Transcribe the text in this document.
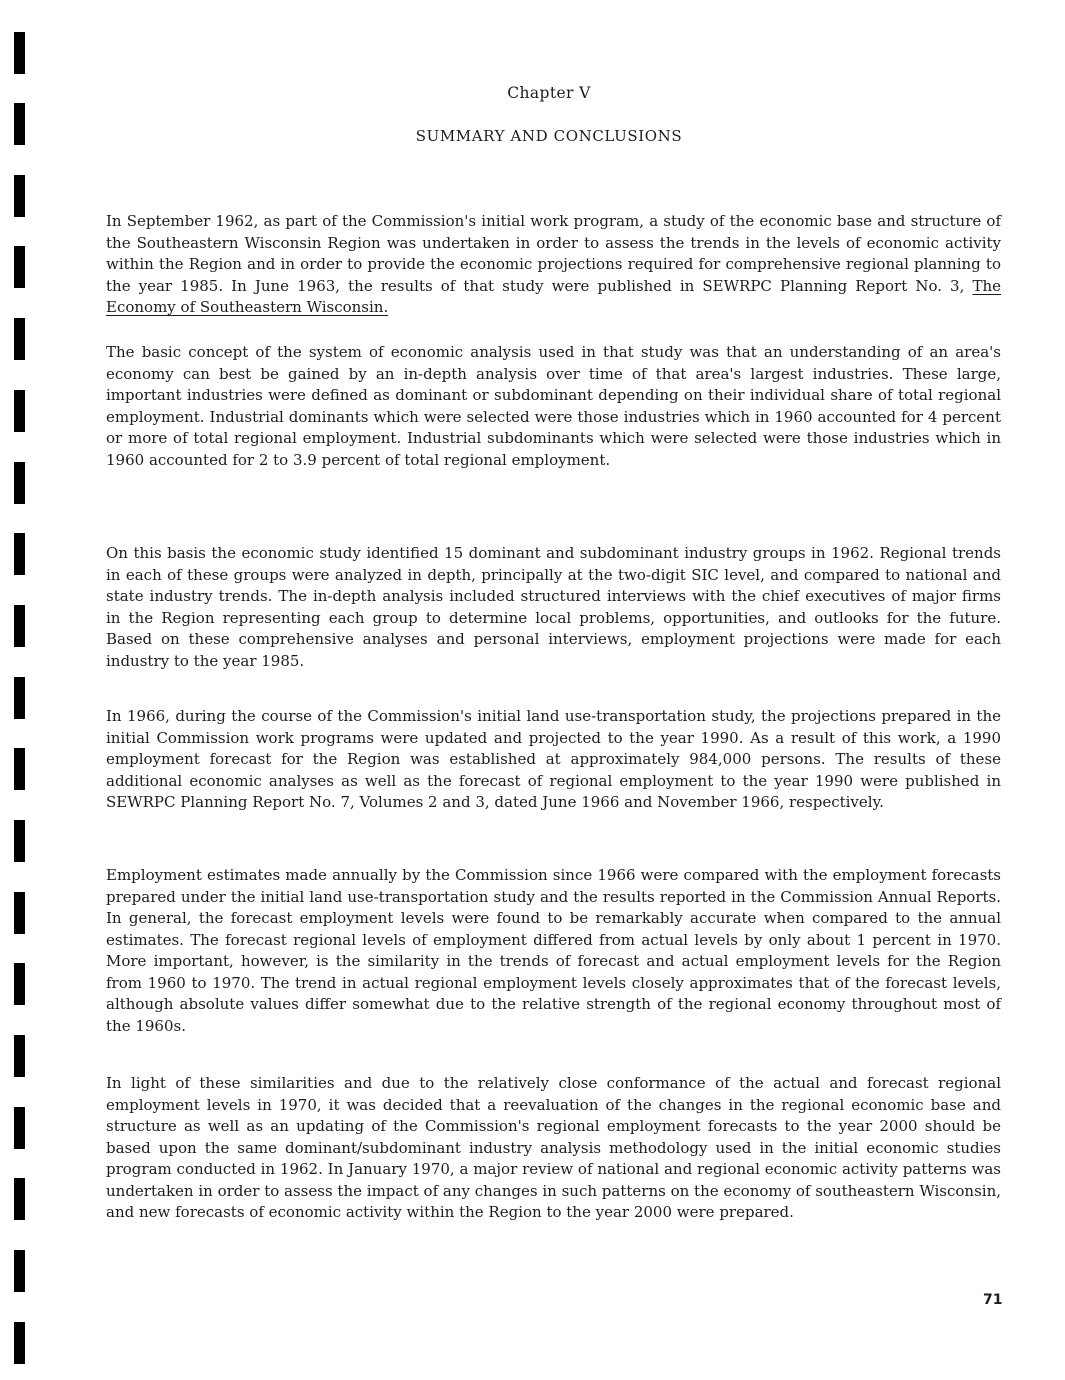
Chapter V
SUMMARY AND CONCLUSIONS

In September 1962, as part of the Commission's initial work program, a study of the economic base and structure of the Southeastern Wisconsin Region was undertaken in order to assess the trends in the levels of economic activity within the Region and in order to provide the economic projections required for comprehensive regional planning to the year 1985. In June 1963, the results of that study were published in SEWRPC Planning Report No. 3, The Economy of Southeastern Wisconsin.

The basic concept of the system of economic analysis used in that study was that an understanding of an area's economy can best be gained by an in-depth analysis over time of that area's largest industries. These large, important industries were defined as dominant or subdominant depending on their individual share of total regional employment. Industrial dominants which were selected were those industries which in 1960 accounted for 4 percent or more of total regional employment. Industrial subdominants which were selected were those industries which in 1960 accounted for 2 to 3.9 percent of total regional employment.

On this basis the economic study identified 15 dominant and subdominant industry groups in 1962. Regional trends in each of these groups were analyzed in depth, principally at the two-digit SIC level, and compared to national and state industry trends. The in-depth analysis included structured interviews with the chief executives of major firms in the Region representing each group to determine local problems, opportunities, and outlooks for the future. Based on these comprehensive analyses and personal interviews, employment projections were made for each industry to the year 1985.

In 1966, during the course of the Commission's initial land use-transportation study, the projections prepared in the initial Commission work programs were updated and projected to the year 1990. As a result of this work, a 1990 employment forecast for the Region was established at approximately 984,000 persons. The results of these additional economic analyses as well as the forecast of regional employment to the year 1990 were published in SEWRPC Planning Report No. 7, Volumes 2 and 3, dated June 1966 and November 1966, respectively.

Employment estimates made annually by the Commission since 1966 were compared with the employment forecasts prepared under the initial land use-transportation study and the results reported in the Commission Annual Reports. In general, the forecast employment levels were found to be remarkably accurate when compared to the annual estimates. The forecast regional levels of employment differed from actual levels by only about 1 percent in 1970. More important, however, is the similarity in the trends of forecast and actual employment levels for the Region from 1960 to 1970. The trend in actual regional employment levels closely approximates that of the forecast levels, although absolute values differ somewhat due to the relative strength of the regional economy throughout most of the 1960s.

In light of these similarities and due to the relatively close conformance of the actual and forecast regional employment levels in 1970, it was decided that a reevaluation of the changes in the regional economic base and structure as well as an updating of the Commission's regional employment forecasts to the year 2000 should be based upon the same dominant/subdominant industry analysis methodology used in the initial economic studies program conducted in 1962. In January 1970, a major review of national and regional economic activity patterns was undertaken in order to assess the impact of any changes in such patterns on the economy of southeastern Wisconsin, and new forecasts of economic activity within the Region to the year 2000 were prepared.

71
